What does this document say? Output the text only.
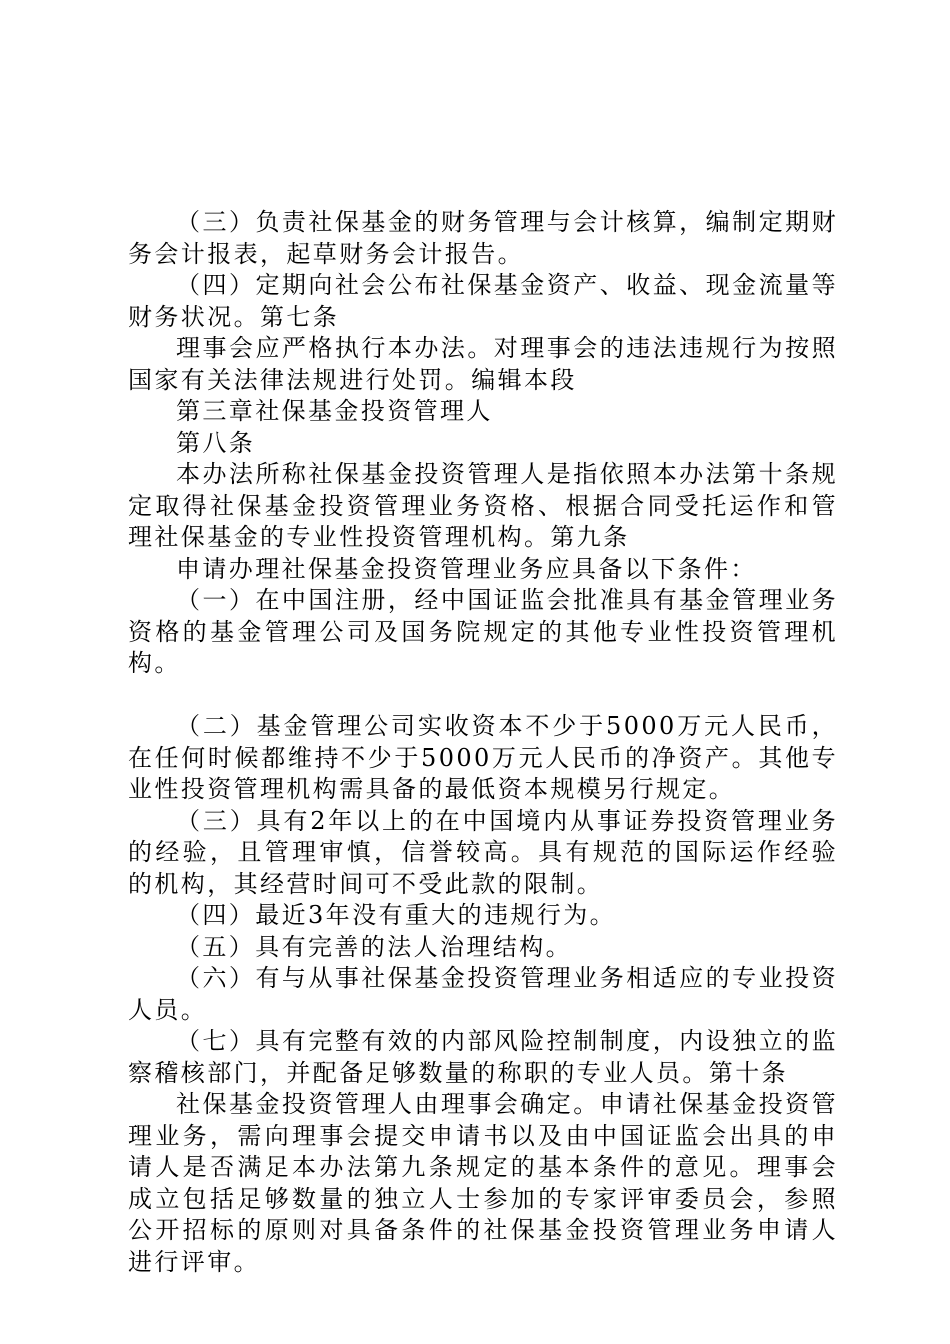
（三）负责社保基金的财务管理与会计核算，编制定期财务会计报表，起草财务会计报告。

（四）定期向社会公布社保基金资产、收益、现金流量等财务状况。第七条

理事会应严格执行本办法。对理事会的违法违规行为按照国家有关法律法规进行处罚。编辑本段

第三章社保基金投资管理人

第八条

本办法所称社保基金投资管理人是指依照本办法第十条规定取得社保基金投资管理业务资格、根据合同受托运作和管理社保基金的专业性投资管理机构。第九条

申请办理社保基金投资管理业务应具备以下条件：

（一）在中国注册，经中国证监会批准具有基金管理业务资格的基金管理公司及国务院规定的其他专业性投资管理机构。

（二）基金管理公司实收资本不少于5000万元人民币，在任何时候都维持不少于5000万元人民币的净资产。其他专业性投资管理机构需具备的最低资本规模另行规定。

（三）具有2年以上的在中国境内从事证券投资管理业务的经验，且管理审慎，信誉较高。具有规范的国际运作经验的机构，其经营时间可不受此款的限制。

（四）最近3年没有重大的违规行为。

（五）具有完善的法人治理结构。

（六）有与从事社保基金投资管理业务相适应的专业投资人员。

（七）具有完整有效的内部风险控制制度，内设独立的监察稽核部门，并配备足够数量的称职的专业人员。第十条

社保基金投资管理人由理事会确定。申请社保基金投资管理业务，需向理事会提交申请书以及由中国证监会出具的申请人是否满足本办法第九条规定的基本条件的意见。理事会成立包括足够数量的独立人士参加的专家评审委员会，参照公开招标的原则对具备条件的社保基金投资管理业务申请人进行评审。
